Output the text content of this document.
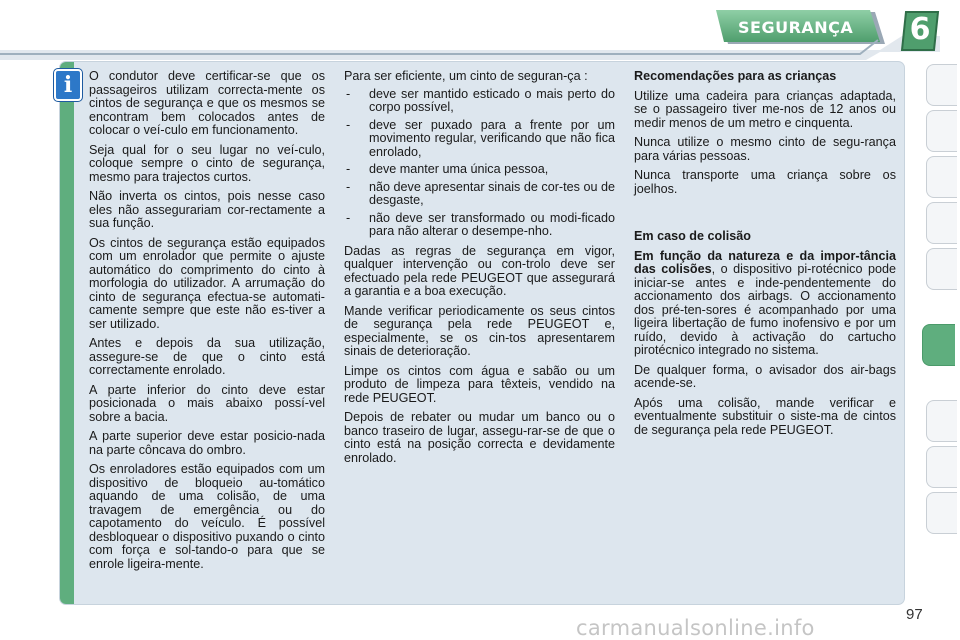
SEGURANÇA	6
i	O condutor deve certificar-se que os passageiros utilizam correcta-mente os cintos de segurança e que os mesmos se encontram bem colocados antes de colocar o veí-culo em funcionamento.

Seja qual for o seu lugar no veí-culo, coloque sempre o cinto de segurança, mesmo para trajectos curtos.

Não inverta os cintos, pois nesse caso eles não assegurariam cor-rectamente a sua função.

Os cintos de segurança estão equipados com um enrolador que permite o ajuste automático do comprimento do cinto à morfologia do utilizador. A arrumação do cinto de segurança efectua-se automati-camente sempre que este não es-tiver a ser utilizado.

Antes e depois da sua utilização, assegure-se de que o cinto está correctamente enrolado.

A parte inferior do cinto deve estar posicionada o mais abaixo possí-vel sobre a bacia.

A parte superior deve estar posicio-nada na parte côncava do ombro.

Os enroladores estão equipados com um dispositivo de bloqueio au-tomático aquando de uma colisão, de uma travagem de emergência ou do capotamento do veículo. É possível desbloquear o dispositivo puxando o cinto com força e sol-tando-o para que se enrole ligeira-mente.

Para ser eficiente, um cinto de seguran-ça :

- deve ser mantido esticado o mais perto do corpo possível,
- deve ser puxado para a frente por um movimento regular, verificando que não fica enrolado,
- deve manter uma única pessoa,
- não deve apresentar sinais de cor-tes ou de desgaste,
- não deve ser transformado ou modi-ficado para não alterar o desempe-nho.

Dadas as regras de segurança em vigor, qualquer intervenção ou con-trolo deve ser efectuado pela rede PEUGEOT que assegurará a garantia e a boa execução.

Mande verificar periodicamente os seus cintos de segurança pela rede PEUGEOT e, especialmente, se os cin-tos apresentarem sinais de deterioração.

Limpe os cintos com água e sabão ou um produto de limpeza para têxteis, vendido na rede PEUGEOT.

Depois de rebater ou mudar um banco ou o banco traseiro de lugar, assegu-rar-se de que o cinto está na posição correcta e devidamente enrolado.

Recomendações para as crianças

Utilize uma cadeira para crianças adaptada, se o passageiro tiver me-nos de 12 anos ou medir menos de um metro e cinquenta.

Nunca utilize o mesmo cinto de segu-rança para várias pessoas.

Nunca transporte uma criança sobre os joelhos.

Em caso de colisão

Em função da natureza e da impor-tância das colisões, o dispositivo pi-rotécnico pode iniciar-se antes e inde-pendentemente do accionamento dos airbags. O accionamento dos pré-ten-sores é acompanhado por uma ligeira libertação de fumo inofensivo e por um ruído, devido à activação do cartucho pirotécnico integrado no sistema.

De qualquer forma, o avisador dos air-bags acende-se.

Após uma colisão, mande verificar e eventualmente substituir o siste-ma de cintos de segurança pela rede PEUGEOT.

97
carmanualsonline.info
